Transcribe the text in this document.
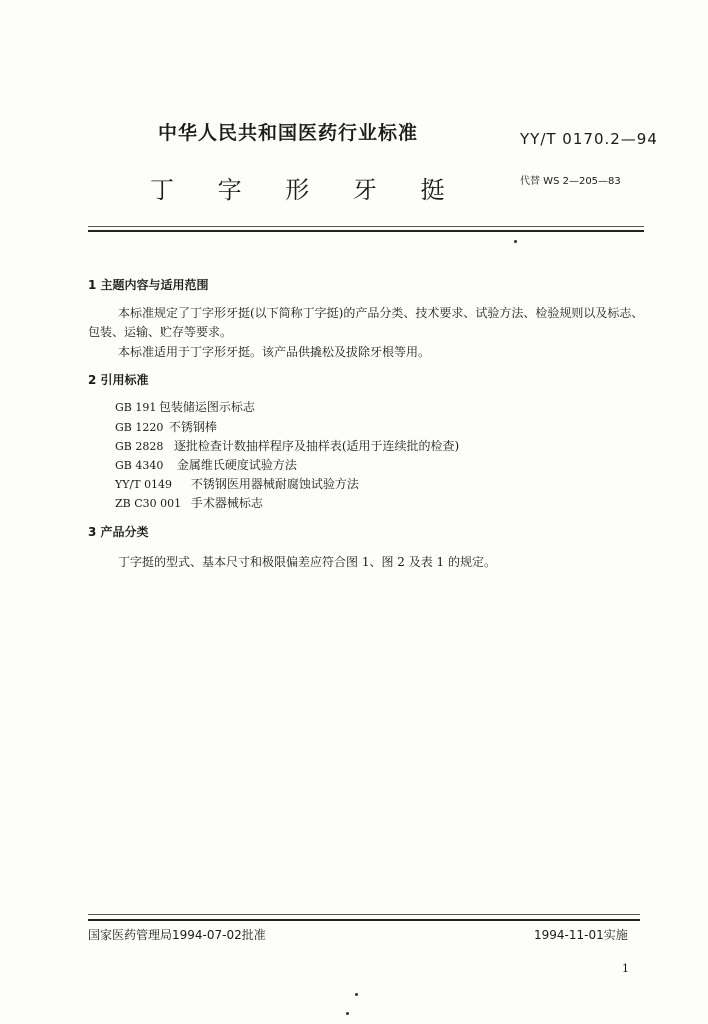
中华人民共和国医药行业标准	YY/T 0170.2—94
丁 字 形 牙 挺	代替 WS 2—205—83
1 主题内容与适用范围
本标准规定了丁字形牙挺(以下简称丁字挺)的产品分类、技术要求、试验方法、检验规则以及标志、
包装、运输、贮存等要求。
本标准适用于丁字形牙挺。该产品供撬松及拔除牙根等用。
2 引用标准
GB 191 包装储运图示标志
GB 1220 不锈钢棒
GB 2828 逐批检查计数抽样程序及抽样表(适用于连续批的检查)
GB 4340 金属维氏硬度试验方法
YY/T 0149 不锈钢医用器械耐腐蚀试验方法
ZB C30 001 手术器械标志
3 产品分类
丁字挺的型式、基本尺寸和极限偏差应符合图 1、图 2 及表 1 的规定。
国家医药管理局1994-07-02批准	1994-11-01实施
1
